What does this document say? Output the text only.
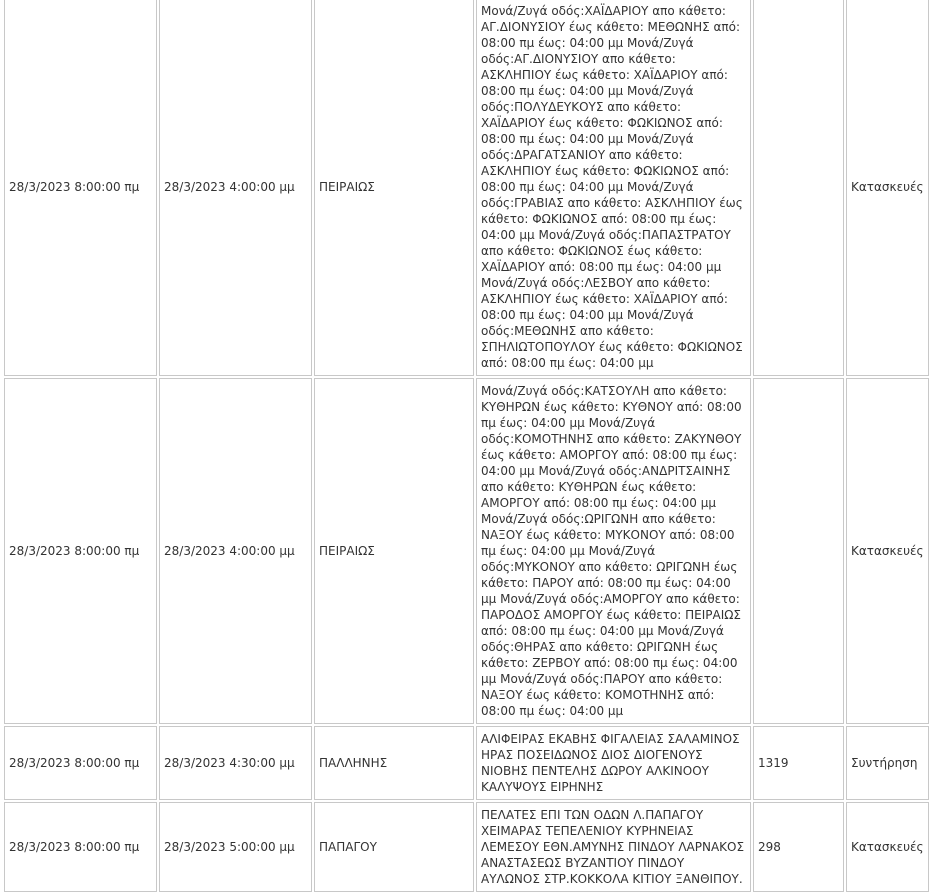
28/3/2023 8:00:00 πμ	28/3/2023 4:00:00 μμ	ΠΕΙΡΑΙΩΣ	Μονά/Ζυγά οδός:ΧΑΪΔΑΡΙΟΥ απο κάθετο: ΑΓ.ΔΙΟΝΥΣΙΟΥ έως κάθετο: ΜΕΘΩΝΗΣ από: 08:00 πμ έως: 04:00 μμ Μονά/Ζυγά οδός:ΑΓ.ΔΙΟΝΥΣΙΟΥ απο κάθετο: ΑΣΚΛΗΠΙΟΥ έως κάθετο: ΧΑΪΔΑΡΙΟΥ από: 08:00 πμ έως: 04:00 μμ Μονά/Ζυγά οδός:ΠΟΛΥΔΕΥΚΟΥΣ απο κάθετο: ΧΑΪΔΑΡΙΟΥ έως κάθετο: ΦΩΚΙΩΝΟΣ από: 08:00 πμ έως: 04:00 μμ Μονά/Ζυγά οδός:ΔΡΑΓΑΤΣΑΝΙΟΥ απο κάθετο: ΑΣΚΛΗΠΙΟΥ έως κάθετο: ΦΩΚΙΩΝΟΣ από: 08:00 πμ έως: 04:00 μμ Μονά/Ζυγά οδός:ΓΡΑΒΙΑΣ απο κάθετο: ΑΣΚΛΗΠΙΟΥ έως κάθετο: ΦΩΚΙΩΝΟΣ από: 08:00 πμ έως: 04:00 μμ Μονά/Ζυγά οδός:ΠΑΠΑΣΤΡΑΤΟΥ απο κάθετο: ΦΩΚΙΩΝΟΣ έως κάθετο: ΧΑΪΔΑΡΙΟΥ από: 08:00 πμ έως: 04:00 μμ Μονά/Ζυγά οδός:ΛΕΣΒΟΥ απο κάθετο: ΑΣΚΛΗΠΙΟΥ έως κάθετο: ΧΑΪΔΑΡΙΟΥ από: 08:00 πμ έως: 04:00 μμ Μονά/Ζυγά οδός:ΜΕΘΩΝΗΣ απο κάθετο: ΣΠΗΛΙΩΤΟΠΟΥΛΟΥ έως κάθετο: ΦΩΚΙΩΝΟΣ από: 08:00 πμ έως: 04:00 μμ		Κατασκευές
28/3/2023 8:00:00 πμ	28/3/2023 4:00:00 μμ	ΠΕΙΡΑΙΩΣ	Μονά/Ζυγά οδός:ΚΑΤΣΟΥΛΗ απο κάθετο: ΚΥΘΗΡΩΝ έως κάθετο: ΚΥΘΝΟΥ από: 08:00 πμ έως: 04:00 μμ Μονά/Ζυγά οδός:ΚΟΜΟΤΗΝΗΣ απο κάθετο: ΖΑΚΥΝΘΟΥ έως κάθετο: ΑΜΟΡΓΟΥ από: 08:00 πμ έως: 04:00 μμ Μονά/Ζυγά οδός:ΑΝΔΡΙΤΣΑΙΝΗΣ απο κάθετο: ΚΥΘΗΡΩΝ έως κάθετο: ΑΜΟΡΓΟΥ από: 08:00 πμ έως: 04:00 μμ Μονά/Ζυγά οδός:ΩΡΙΓΩΝΗ απο κάθετο: ΝΑΞΟΥ έως κάθετο: ΜΥΚΟΝΟΥ από: 08:00 πμ έως: 04:00 μμ Μονά/Ζυγά οδός:ΜΥΚΟΝΟΥ απο κάθετο: ΩΡΙΓΩΝΗ έως κάθετο: ΠΑΡΟΥ από: 08:00 πμ έως: 04:00 μμ Μονά/Ζυγά οδός:ΑΜΟΡΓΟΥ απο κάθετο: ΠΑΡΟΔΟΣ ΑΜΟΡΓΟΥ έως κάθετο: ΠΕΙΡΑΙΩΣ από: 08:00 πμ έως: 04:00 μμ Μονά/Ζυγά οδός:ΘΗΡΑΣ απο κάθετο: ΩΡΙΓΩΝΗ έως κάθετο: ΖΕΡΒΟΥ από: 08:00 πμ έως: 04:00 μμ Μονά/Ζυγά οδός:ΠΑΡΟΥ απο κάθετο: ΝΑΞΟΥ έως κάθετο: ΚΟΜΟΤΗΝΗΣ από: 08:00 πμ έως: 04:00 μμ		Κατασκευές
28/3/2023 8:00:00 πμ	28/3/2023 4:30:00 μμ	ΠΑΛΛΗΝΗΣ	ΑΛΙΦΕΙΡΑΣ ΕΚΑΒΗΣ ΦΙΓΑΛΕΙΑΣ ΣΑΛΑΜΙΝΟΣ ΗΡΑΣ ΠΟΣΕΙΔΩΝΟΣ ΔΙΟΣ ΔΙΟΓΕΝΟΥΣ ΝΙΟΒΗΣ ΠΕΝΤΕΛΗΣ ΔΩΡΟΥ ΑΛΚΙΝΟΟΥ ΚΑΛΥΨΟΥΣ ΕΙΡΗΝΗΣ	1319	Συντήρηση
28/3/2023 8:00:00 πμ	28/3/2023 5:00:00 μμ	ΠΑΠΑΓΟΥ	ΠΕΛΑΤΕΣ ΕΠΙ ΤΩΝ ΟΔΩΝ Λ.ΠΑΠΑΓΟΥ ΧΕΙΜΑΡΑΣ ΤΕΠΕΛΕΝΙΟΥ ΚΥΡΗΝΕΙΑΣ ΛΕΜΕΣΟΥ ΕΘΝ.ΑΜΥΝΗΣ ΠΙΝΔΟΥ ΛΑΡΝΑΚΟΣ ΑΝΑΣΤΑΣΕΩΣ ΒΥΖΑΝΤΙΟΥ ΠΙΝΔΟΥ ΑΥΛΩΝΟΣ ΣΤΡ.ΚΟΚΚΟΛΑ ΚΙΤΙΟΥ ΞΑΝΘΙΠΟΥ.	298	Κατασκευές
